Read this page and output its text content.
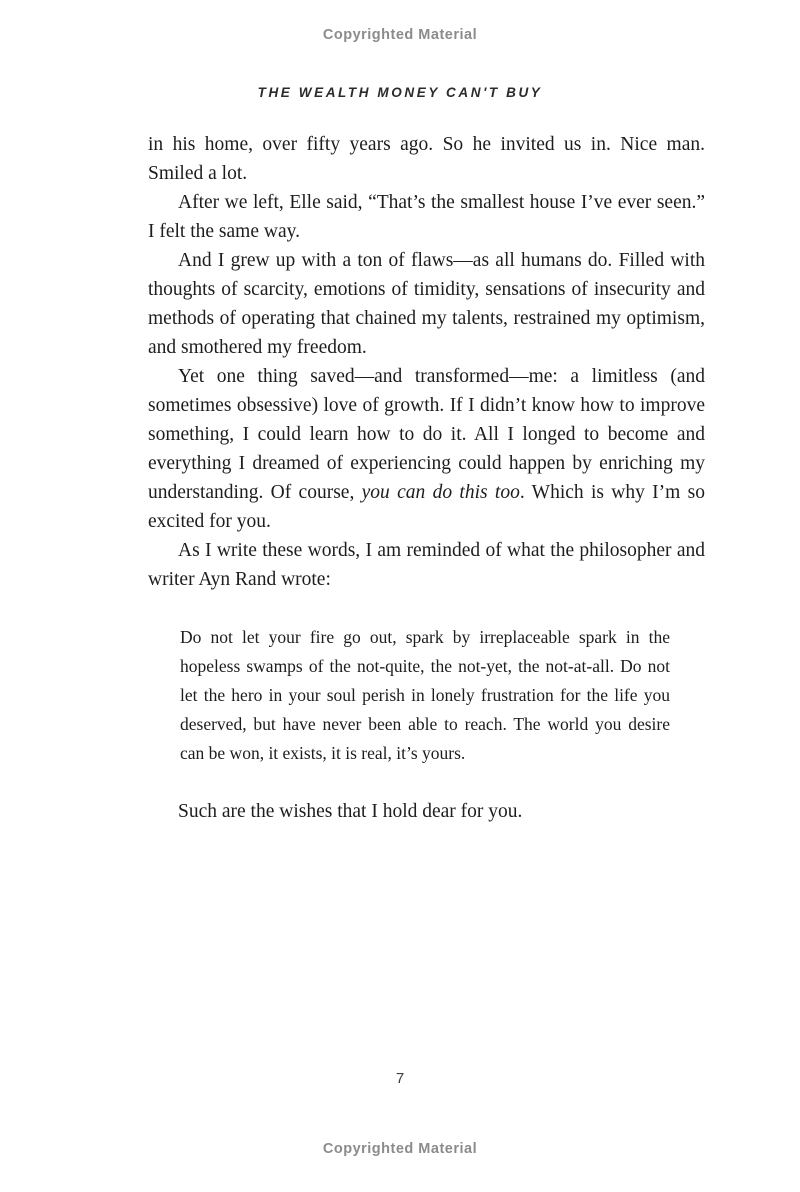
Copyrighted Material
THE WEALTH MONEY CAN'T BUY

in his home, over fifty years ago. So he invited us in. Nice man. Smiled a lot.

After we left, Elle said, “That’s the smallest house I’ve ever seen.” I felt the same way.

And I grew up with a ton of flaws—as all humans do. Filled with thoughts of scarcity, emotions of timidity, sensations of insecurity and methods of operating that chained my talents, restrained my optimism, and smothered my freedom.

Yet one thing saved—and transformed—me: a limitless (and sometimes obsessive) love of growth. If I didn’t know how to improve something, I could learn how to do it. All I longed to become and everything I dreamed of experiencing could happen by enriching my understanding. Of course, you can do this too. Which is why I’m so excited for you.

As I write these words, I am reminded of what the philosopher and writer Ayn Rand wrote:

Do not let your fire go out, spark by irreplaceable spark in the hopeless swamps of the not-quite, the not-yet, the not-at-all. Do not let the hero in your soul perish in lonely frustration for the life you deserved, but have never been able to reach. The world you desire can be won, it exists, it is real, it’s yours.

Such are the wishes that I hold dear for you.

7
Copyrighted Material
